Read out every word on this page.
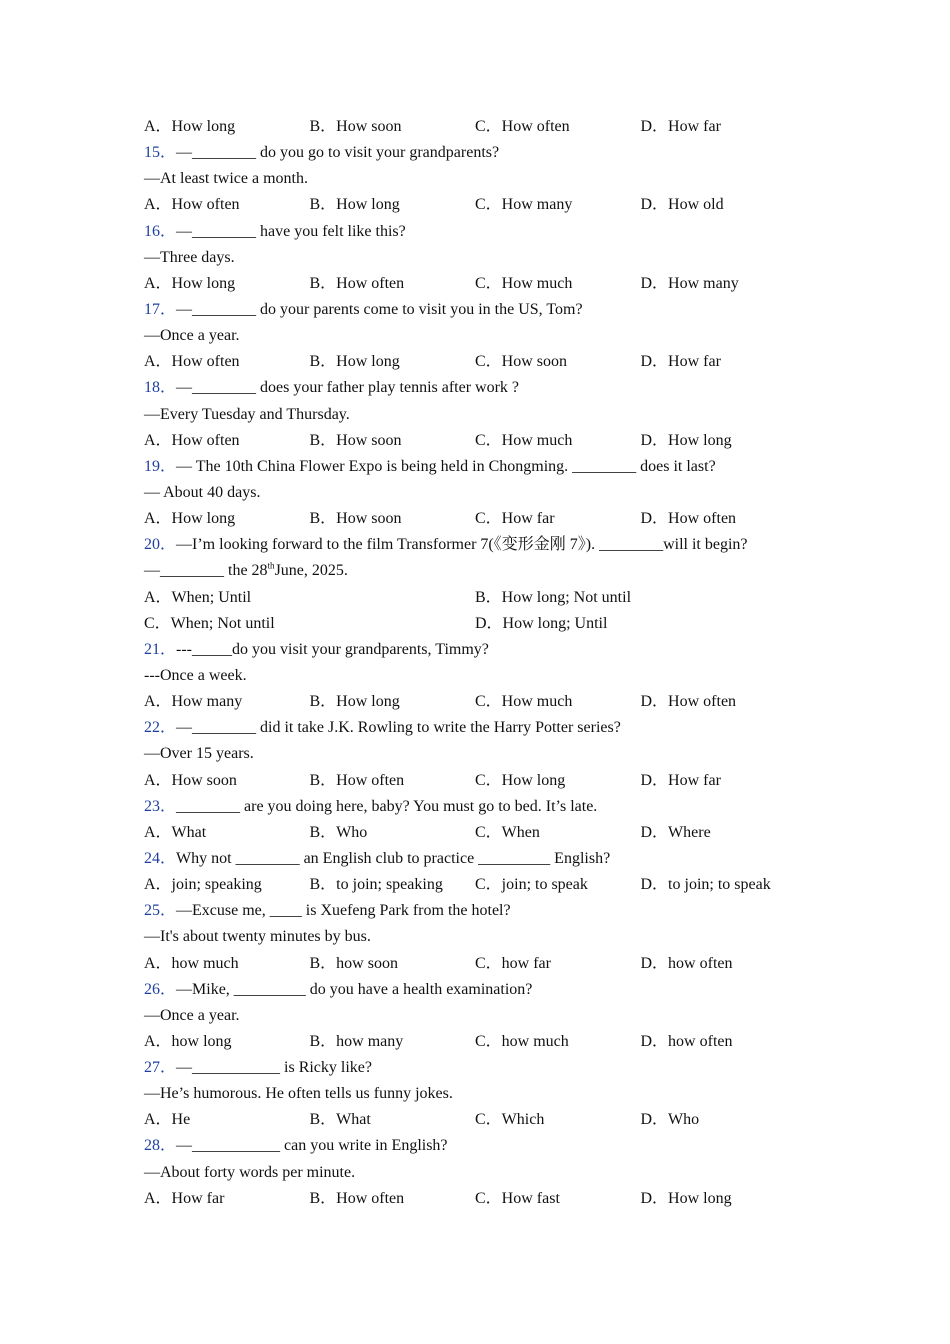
A．How long	B．How soon	C．How often	D．How far
15．—________ do you go to visit your grandparents?
—At least twice a month.
A．How often	B．How long	C．How many	D．How old
16．—________ have you felt like this?
—Three days.
A．How long	B．How often	C．How much	D．How many
17．—________ do your parents come to visit you in the US, Tom?
—Once a year.
A．How often	B．How long	C．How soon	D．How far
18．—________ does your father play tennis after work ?
—Every Tuesday and Thursday.
A．How often	B．How soon	C．How much	D．How long
19．— The 10th China Flower Expo is being held in Chongming. ________ does it last?
— About 40 days.
A．How long	B．How soon	C．How far	D．How often
20．—I’m looking forward to the film Transformer 7(《变形金刚 7》). ________will it begin?
—________ the 28thJune, 2025.
A．When; Until	B．How long; Not until
C．When; Not until	D．How long; Until
21．---_____do you visit your grandparents, Timmy?
---Once a week.
A．How many	B．How long	C．How much	D．How often
22．—________ did it take J.K. Rowling to write the Harry Potter series?
—Over 15 years.
A．How soon	B．How often	C．How long	D．How far
23．________ are you doing here, baby? You must go to bed. It’s late.
A．What	B．Who	C．When	D．Where
24．Why not ________ an English club to practice _________ English?
A．join; speaking	B．to join; speaking	C．join; to speak	D．to join; to speak
25．—Excuse me, ____ is Xuefeng Park from the hotel?
—It's about twenty minutes by bus.
A．how much	B．how soon	C．how far	D．how often
26．—Mike, _________ do you have a health examination?
—Once a year.
A．how long	B．how many	C．how much	D．how often
27．—___________ is Ricky like?
—He’s humorous. He often tells us funny jokes.
A．He	B．What	C．Which	D．Who
28．—___________ can you write in English?
—About forty words per minute.
A．How far	B．How often	C．How fast	D．How long
